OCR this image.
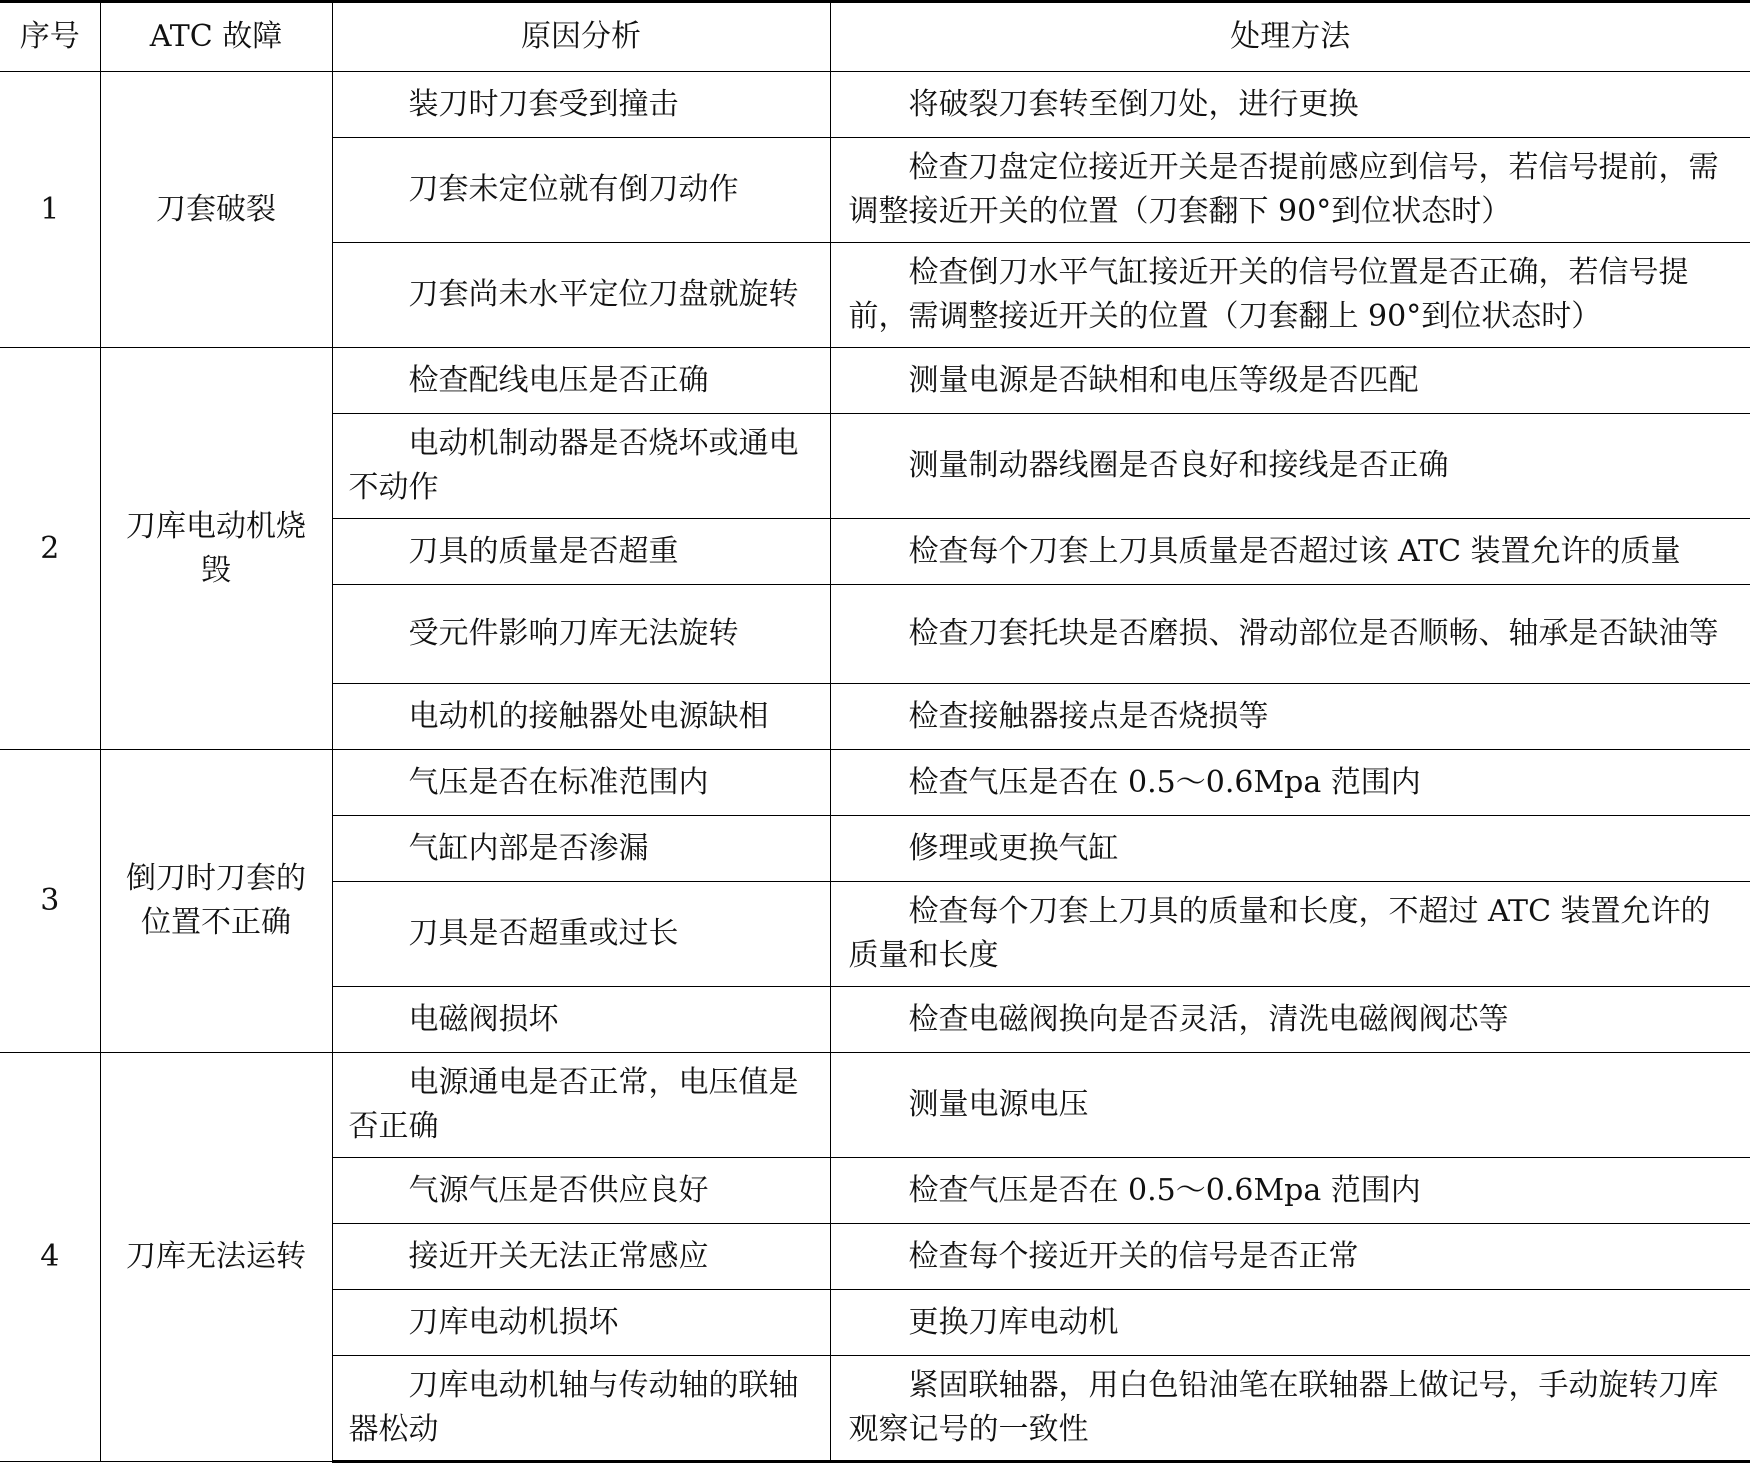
序号	ATC 故障	原因分析	处理方法
1	刀套破裂	装刀时刀套受到撞击	将破裂刀套转至倒刀处，进行更换
		刀套未定位就有倒刀动作	检查刀盘定位接近开关是否提前感应到信号，若信号提前，需调整接近开关的位置（刀套翻下 90°到位状态时）
		刀套尚未水平定位刀盘就旋转	检查倒刀水平气缸接近开关的信号位置是否正确，若信号提前，需调整接近开关的位置（刀套翻上 90°到位状态时）
2	刀库电动机烧毁	检查配线电压是否正确	测量电源是否缺相和电压等级是否匹配
		电动机制动器是否烧坏或通电不动作	测量制动器线圈是否良好和接线是否正确
		刀具的质量是否超重	检查每个刀套上刀具质量是否超过该 ATC 装置允许的质量
		受元件影响刀库无法旋转	检查刀套托块是否磨损、滑动部位是否顺畅、轴承是否缺油等
		电动机的接触器处电源缺相	检查接触器接点是否烧损等
3	倒刀时刀套的位置不正确	气压是否在标准范围内	检查气压是否在 0.5～0.6Mpa 范围内
		气缸内部是否渗漏	修理或更换气缸
		刀具是否超重或过长	检查每个刀套上刀具的质量和长度，不超过 ATC 装置允许的质量和长度
		电磁阀损坏	检查电磁阀换向是否灵活，清洗电磁阀阀芯等
4	刀库无法运转	电源通电是否正常，电压值是否正确	测量电源电压
		气源气压是否供应良好	检查气压是否在 0.5～0.6Mpa 范围内
		接近开关无法正常感应	检查每个接近开关的信号是否正常
		刀库电动机损坏	更换刀库电动机
		刀库电动机轴与传动轴的联轴器松动	紧固联轴器，用白色铅油笔在联轴器上做记号，手动旋转刀库观察记号的一致性
